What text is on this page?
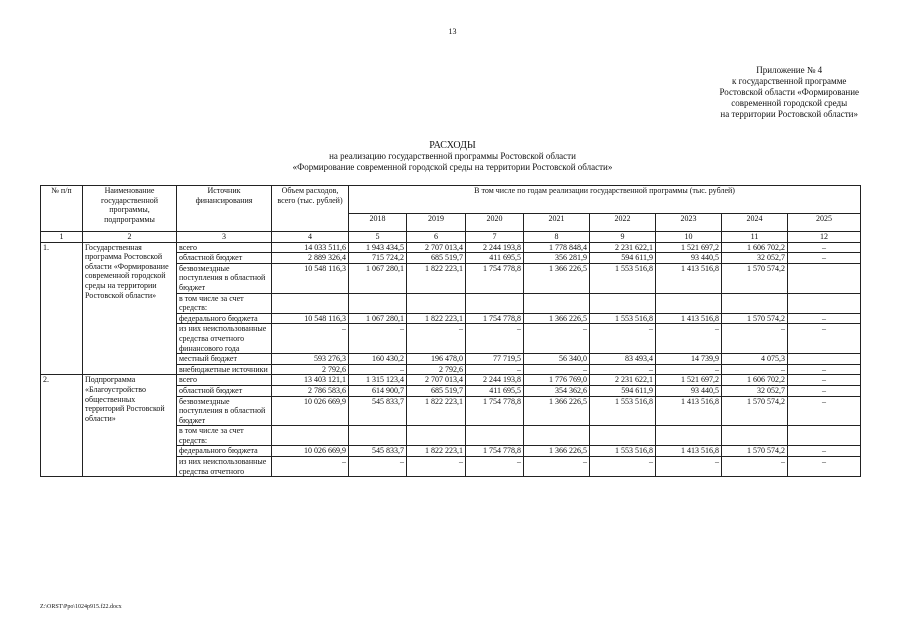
13
Приложение № 4
к государственной программе
Ростовской области «Формирование
современной городской среды
на территории Ростовской области»
РАСХОДЫ
на реализацию государственной программы Ростовской области
«Формирование современной городской среды на территории Ростовской области»
№ п/п	Наименование государственной программы, подпрограммы	Источник финансирования	Объем расходов, всего (тыс. рублей)	В том числе по годам реализации государственной программы (тыс. рублей)							
				2018	2019	2020	2021	2022	2023	2024	2025
1	2	3	4	5	6	7	8	9	10	11	12
1.	Государственная программа Ростовской области «Формирование современной городской среды на территории Ростовской области»	всего	14 033 511,6	1 943 434,5	2 707 013,4	2 244 193,8	1 778 848,4	2 231 622,1	1 521 697,2	1 606 702,2	–
		областной бюджет	2 889 326,4	715 724,2	685 519,7	411 695,5	356 281,9	594 611,9	93 440,5	32 052,7	–
		безвозмездные поступления в областной бюджет	10 548 116,3	1 067 280,1	1 822 223,1	1 754 778,8	1 366 226,5	1 553 516,8	1 413 516,8	1 570 574,2	
		в том числе за счет средств:									
		федерального бюджета	10 548 116,3	1 067 280,1	1 822 223,1	1 754 778,8	1 366 226,5	1 553 516,8	1 413 516,8	1 570 574,2	–
		из них неиспользованные средства отчетного финансового года	–	–	–	–	–	–	–	–	–
		местный бюджет	593 276,3	160 430,2	196 478,0	77 719,5	56 340,0	83 493,4	14 739,9	4 075,3	
		внебюджетные источники	2 792,6	–	2 792,6	–	–	–	–	–	–
2.	Подпрограмма «Благоустройство общественных территорий Ростовской области»	всего	13 403 121,1	1 315 123,4	2 707 013,4	2 244 193,8	1 776 769,0	2 231 622,1	1 521 697,2	1 606 702,2	–
		областной бюджет	2 786 583,6	614 900,7	685 519,7	411 695,5	354 362,6	594 611,9	93 440,5	32 052,7	–
		безвозмездные поступления в областной бюджет	10 026 669,9	545 833,7	1 822 223,1	1 754 778,8	1 366 226,5	1 553 516,8	1 413 516,8	1 570 574,2	–
		в том числе за счет средств:									
		федерального бюджета	10 026 669,9	545 833,7	1 822 223,1	1 754 778,8	1 366 226,5	1 553 516,8	1 413 516,8	1 570 574,2	–
		из них неиспользованные средства отчетного	–	–	–	–	–	–	–	–	–
Z:\ORST\Ppo\1024p915.f22.docx
